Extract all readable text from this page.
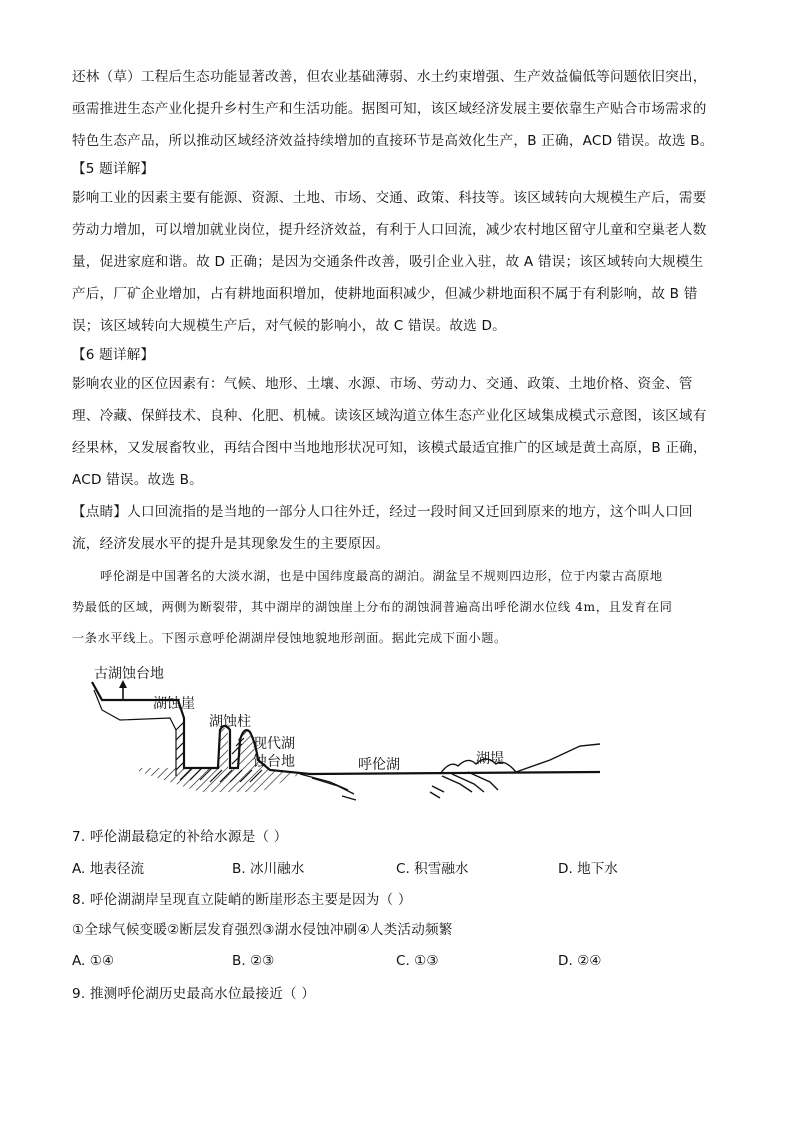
还林（草）工程后生态功能显著改善，但农业基础薄弱、水土约束增强、生产效益偏低等问题依旧突出，
亟需推进生态产业化提升乡村生产和生活功能。据图可知，该区域经济发展主要依靠生产贴合市场需求的
特色生态产品，所以推动区域经济效益持续增加的直接环节是高效化生产，B 正确，ACD 错误。故选 B。
【5 题详解】
影响工业的因素主要有能源、资源、土地、市场、交通、政策、科技等。该区域转向大规模生产后，需要
劳动力增加，可以增加就业岗位，提升经济效益，有利于人口回流，减少农村地区留守儿童和空巢老人数
量，促进家庭和谐。故 D 正确；是因为交通条件改善，吸引企业入驻，故 A 错误；该区域转向大规模生
产后，厂矿企业增加，占有耕地面积增加，使耕地面积减少，但减少耕地面积不属于有利影响，故 B 错
误；该区域转向大规模生产后，对气候的影响小，故 C 错误。故选 D。
【6 题详解】
影响农业的区位因素有：气候、地形、土壤、水源、市场、劳动力、交通、政策、土地价格、资金、管
理、冷藏、保鲜技术、良种、化肥、机械。读该区域沟道立体生态产业化区域集成模式示意图，该区域有
经果林，又发展畜牧业，再结合图中当地地形状况可知，该模式最适宜推广的区域是黄土高原，B 正确，
ACD 错误。故选 B。
【点睛】人口回流指的是当地的一部分人口往外迁，经过一段时间又迁回到原来的地方，这个叫人口回
流，经济发展水平的提升是其现象发生的主要原因。
呼伦湖是中国著名的大淡水湖，也是中国纬度最高的湖泊。湖盆呈不规则四边形，位于内蒙古高原地
势最低的区域，两侧为断裂带，其中湖岸的湖蚀崖上分布的湖蚀洞普遍高出呼伦湖水位线 4m，且发育在同
一条水平线上。下图示意呼伦湖湖岸侵蚀地貌地形剖面。据此完成下面小题。
古湖蚀台地
湖蚀崖
湖蚀柱
现代湖
蚀台地	呼伦湖	湖堤
7. 呼伦湖最稳定的补给水源是（ ）
A. 地表径流	B. 冰川融水	C. 积雪融水	D. 地下水
8. 呼伦湖湖岸呈现直立陡峭的断崖形态主要是因为（ ）
①全球气候变暖②断层发育强烈③湖水侵蚀冲刷④人类活动频繁
A. ①④	B. ②③	C. ①③	D. ②④
9. 推测呼伦湖历史最高水位最接近（ ）
